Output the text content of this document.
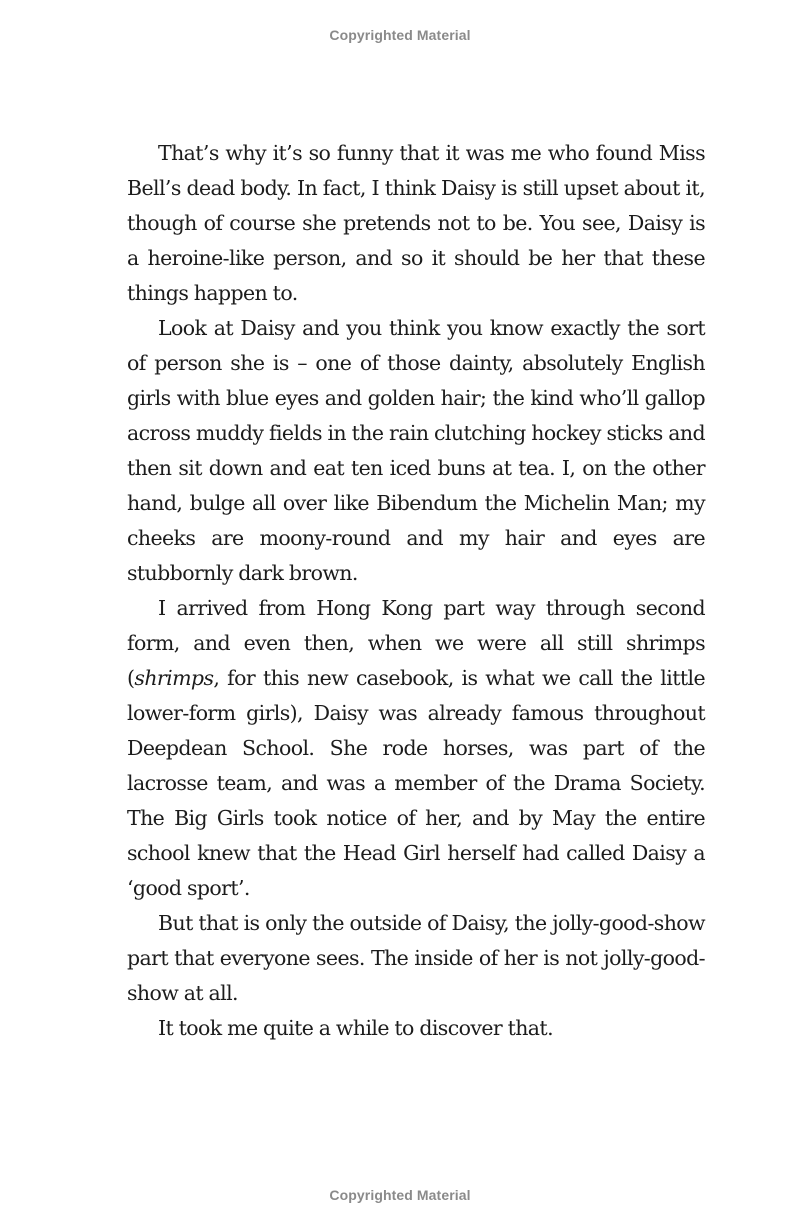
Copyrighted Material

That’s why it’s so funny that it was me who found Miss Bell’s dead body. In fact, I think Daisy is still upset about it, though of course she pretends not to be. You see, Daisy is a heroine-like person, and so it should be her that these things happen to.

Look at Daisy and you think you know exactly the sort of person she is – one of those dainty, absolutely English girls with blue eyes and golden hair; the kind who’ll gallop across muddy fields in the rain clutching hockey sticks and then sit down and eat ten iced buns at tea. I, on the other hand, bulge all over like Bibendum the Michelin Man; my cheeks are moony-round and my hair and eyes are stubbornly dark brown.

I arrived from Hong Kong part way through second form, and even then, when we were all still shrimps (shrimps, for this new casebook, is what we call the little lower-form girls), Daisy was already famous throughout Deepdean School. She rode horses, was part of the lacrosse team, and was a member of the Drama Society. The Big Girls took notice of her, and by May the entire school knew that the Head Girl herself had called Daisy a ‘good sport’.

But that is only the outside of Daisy, the jolly-good-show part that everyone sees. The inside of her is not jolly-good-show at all.

It took me quite a while to discover that.

Copyrighted Material
